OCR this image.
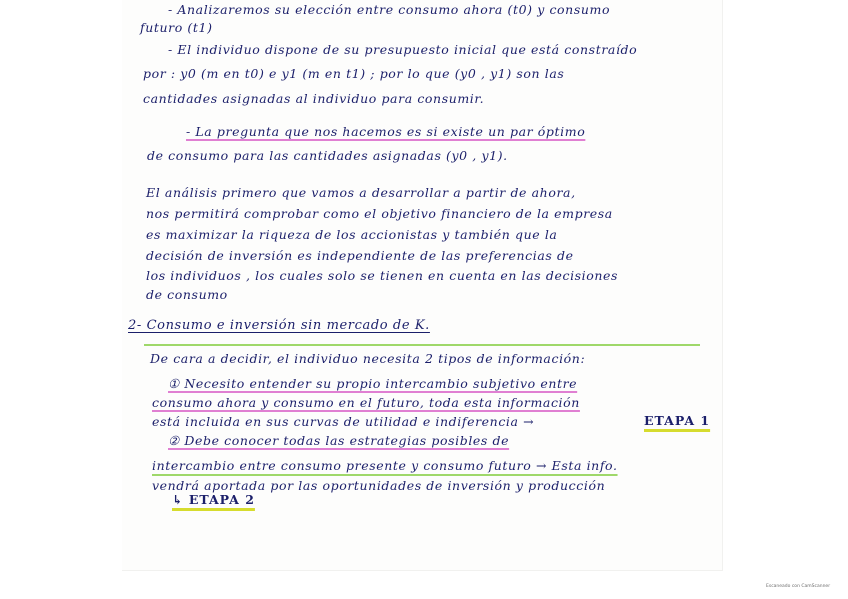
- Analizaremos su elección entre consumo ahora (t0) y consumo
futuro (t1)
- El individuo dispone de su presupuesto inicial que está constraído
por : y0 (m en t0) e y1 (m en t1) ; por lo que (y0 , y1) son las
cantidades asignadas al individuo para consumir.
- La pregunta que nos hacemos es si existe un par óptimo
de consumo para las cantidades asignadas (y0 , y1).
El análisis primero que vamos a desarrollar a partir de ahora,
nos permitirá comprobar como el objetivo financiero de la empresa
es maximizar la riqueza de los accionistas y también que la
decisión de inversión es independiente de las preferencias de
los individuos , los cuales solo se tienen en cuenta en las decisiones
de consumo
2- Consumo e inversión sin mercado de K.
De cara a decidir, el individuo necesita 2 tipos de información:
① Necesito entender su propio intercambio subjetivo entre
consumo ahora y consumo en el futuro, toda esta información
está incluida en sus curvas de utilidad e indiferencia →	ETAPA 1
② Debe conocer todas las estrategias posibles de
intercambio entre consumo presente y consumo futuro → Esta info.
vendrá aportada por las oportunidades de inversión y producción
↳ ETAPA 2
Escaneado con CamScanner
